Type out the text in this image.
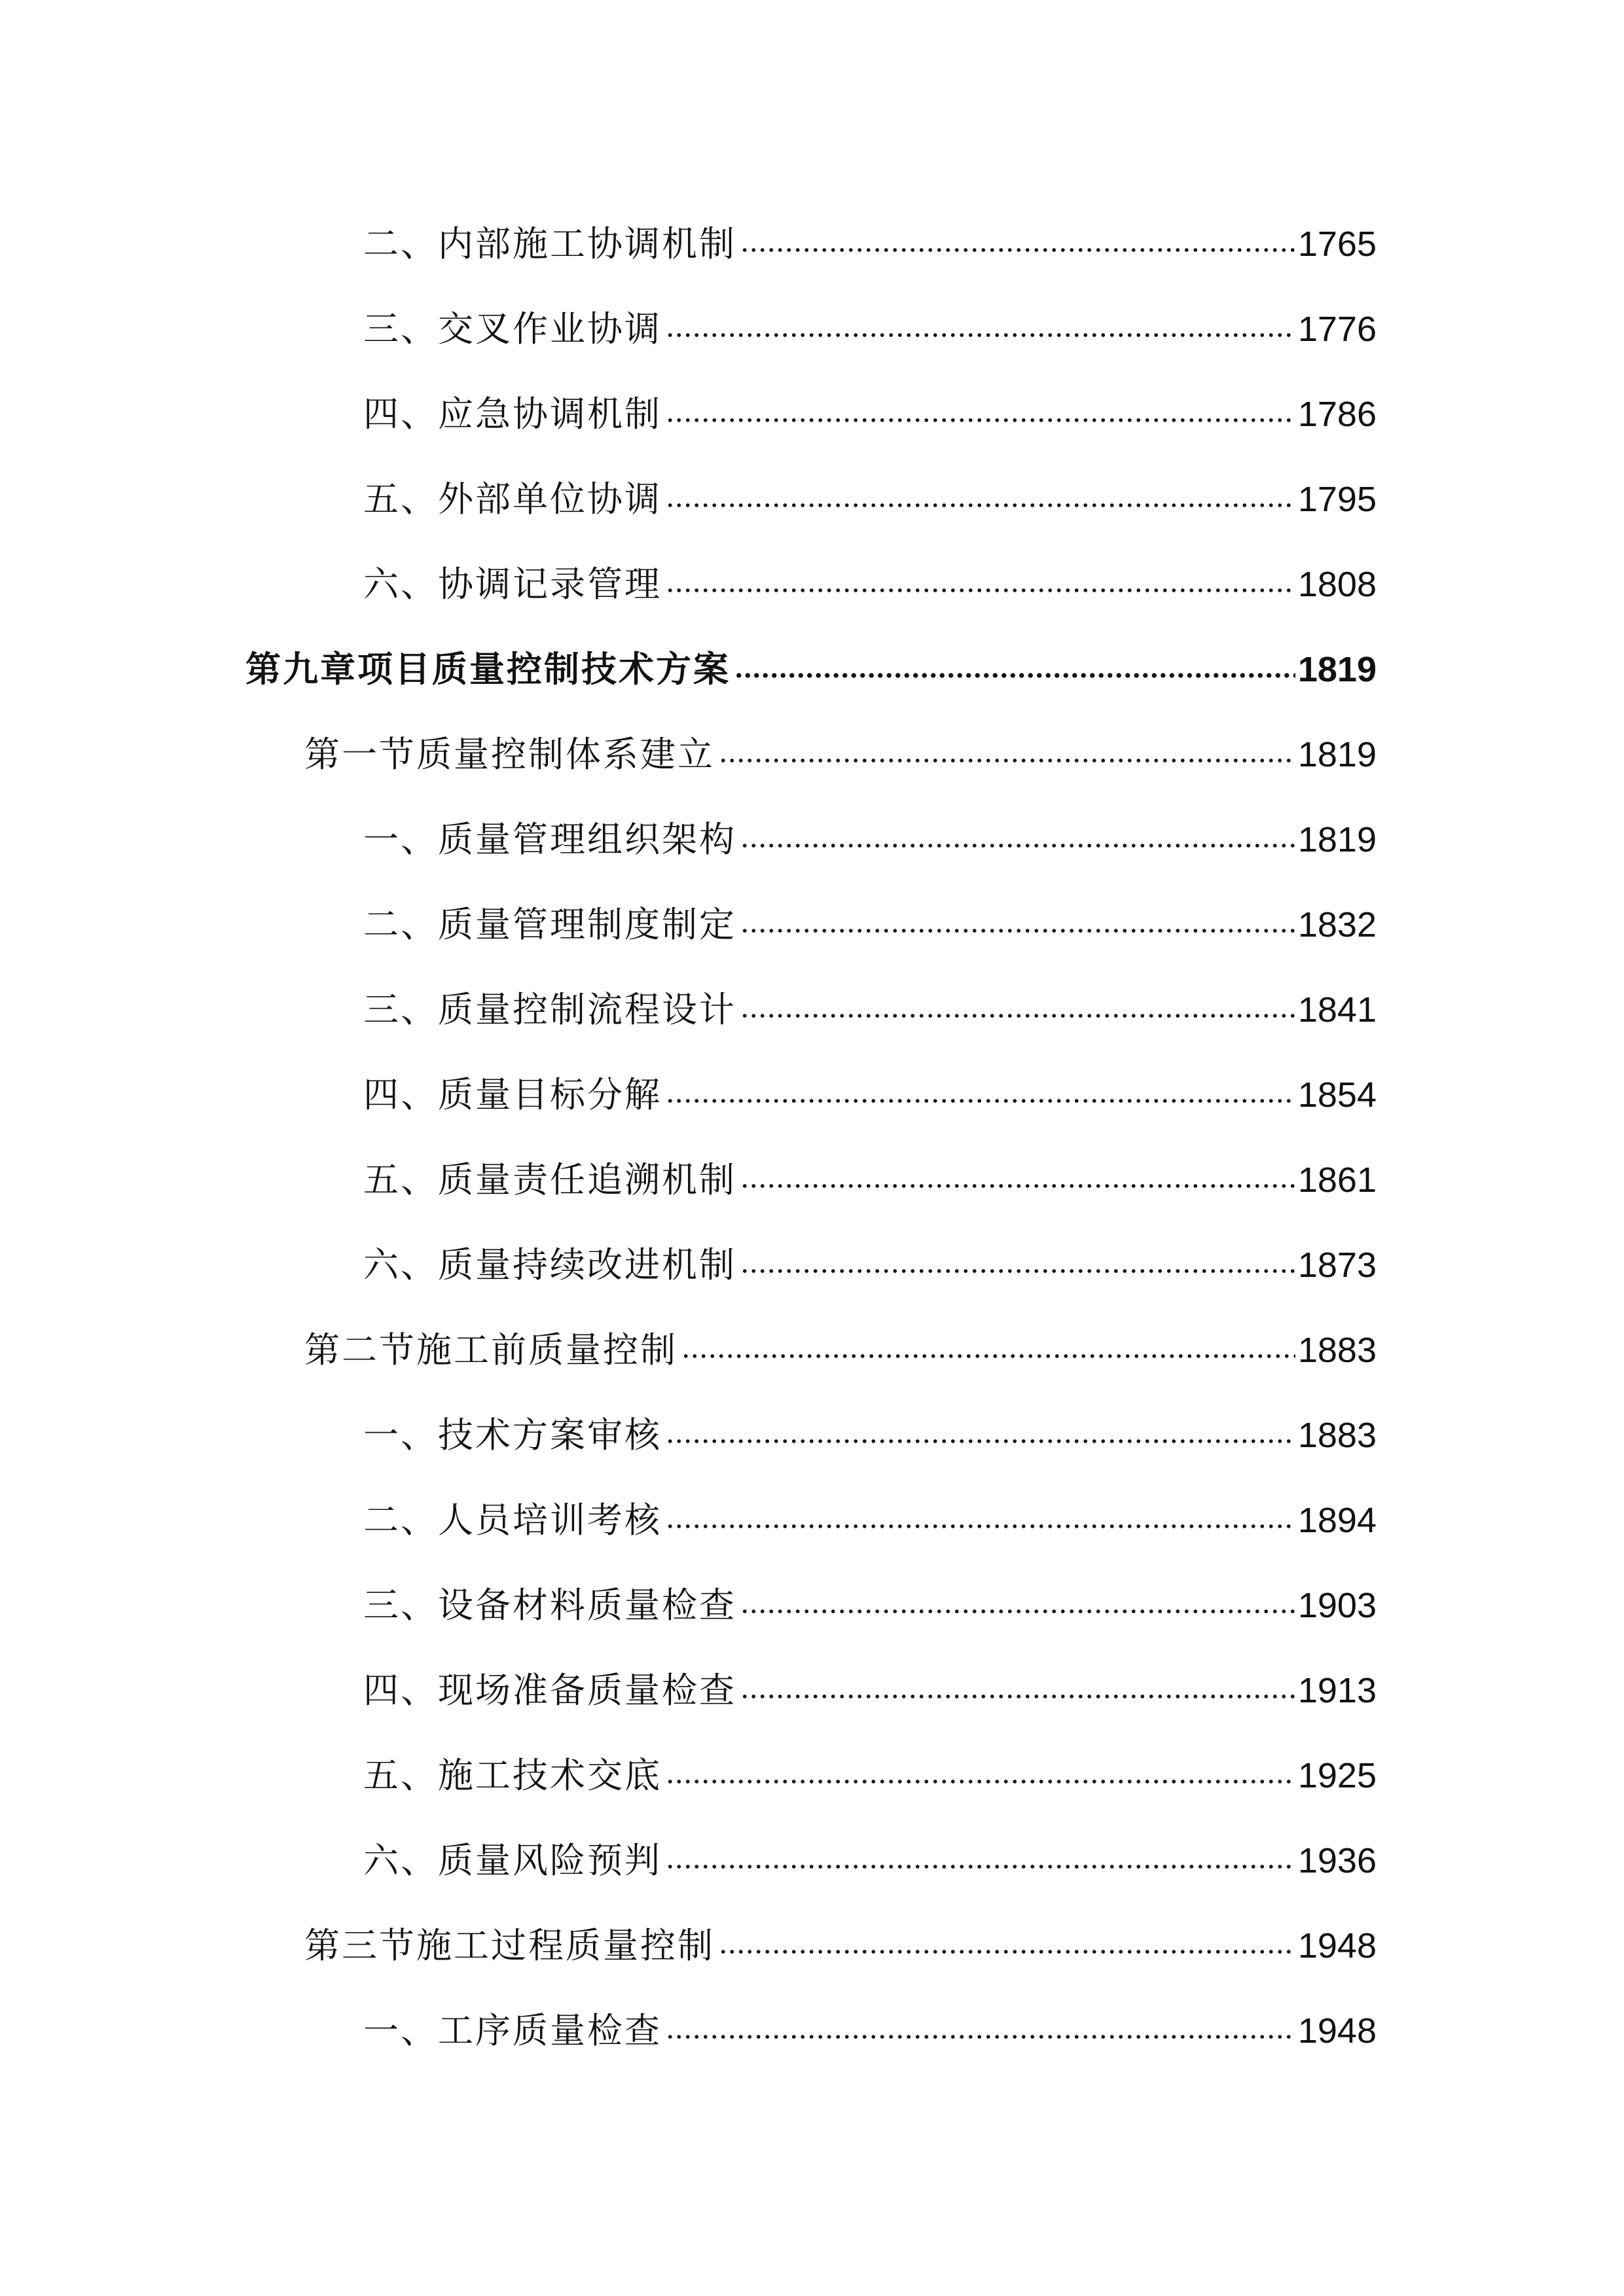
二、内部施工协调机制	1765
三、交叉作业协调	1776
四、应急协调机制	1786
五、外部单位协调	1795
六、协调记录管理	1808
第九章项目质量控制技术方案	1819
第一节质量控制体系建立	1819
一、质量管理组织架构	1819
二、质量管理制度制定	1832
三、质量控制流程设计	1841
四、质量目标分解	1854
五、质量责任追溯机制	1861
六、质量持续改进机制	1873
第二节施工前质量控制	1883
一、技术方案审核	1883
二、人员培训考核	1894
三、设备材料质量检查	1903
四、现场准备质量检查	1913
五、施工技术交底	1925
六、质量风险预判	1936
第三节施工过程质量控制	1948
一、工序质量检查	1948
